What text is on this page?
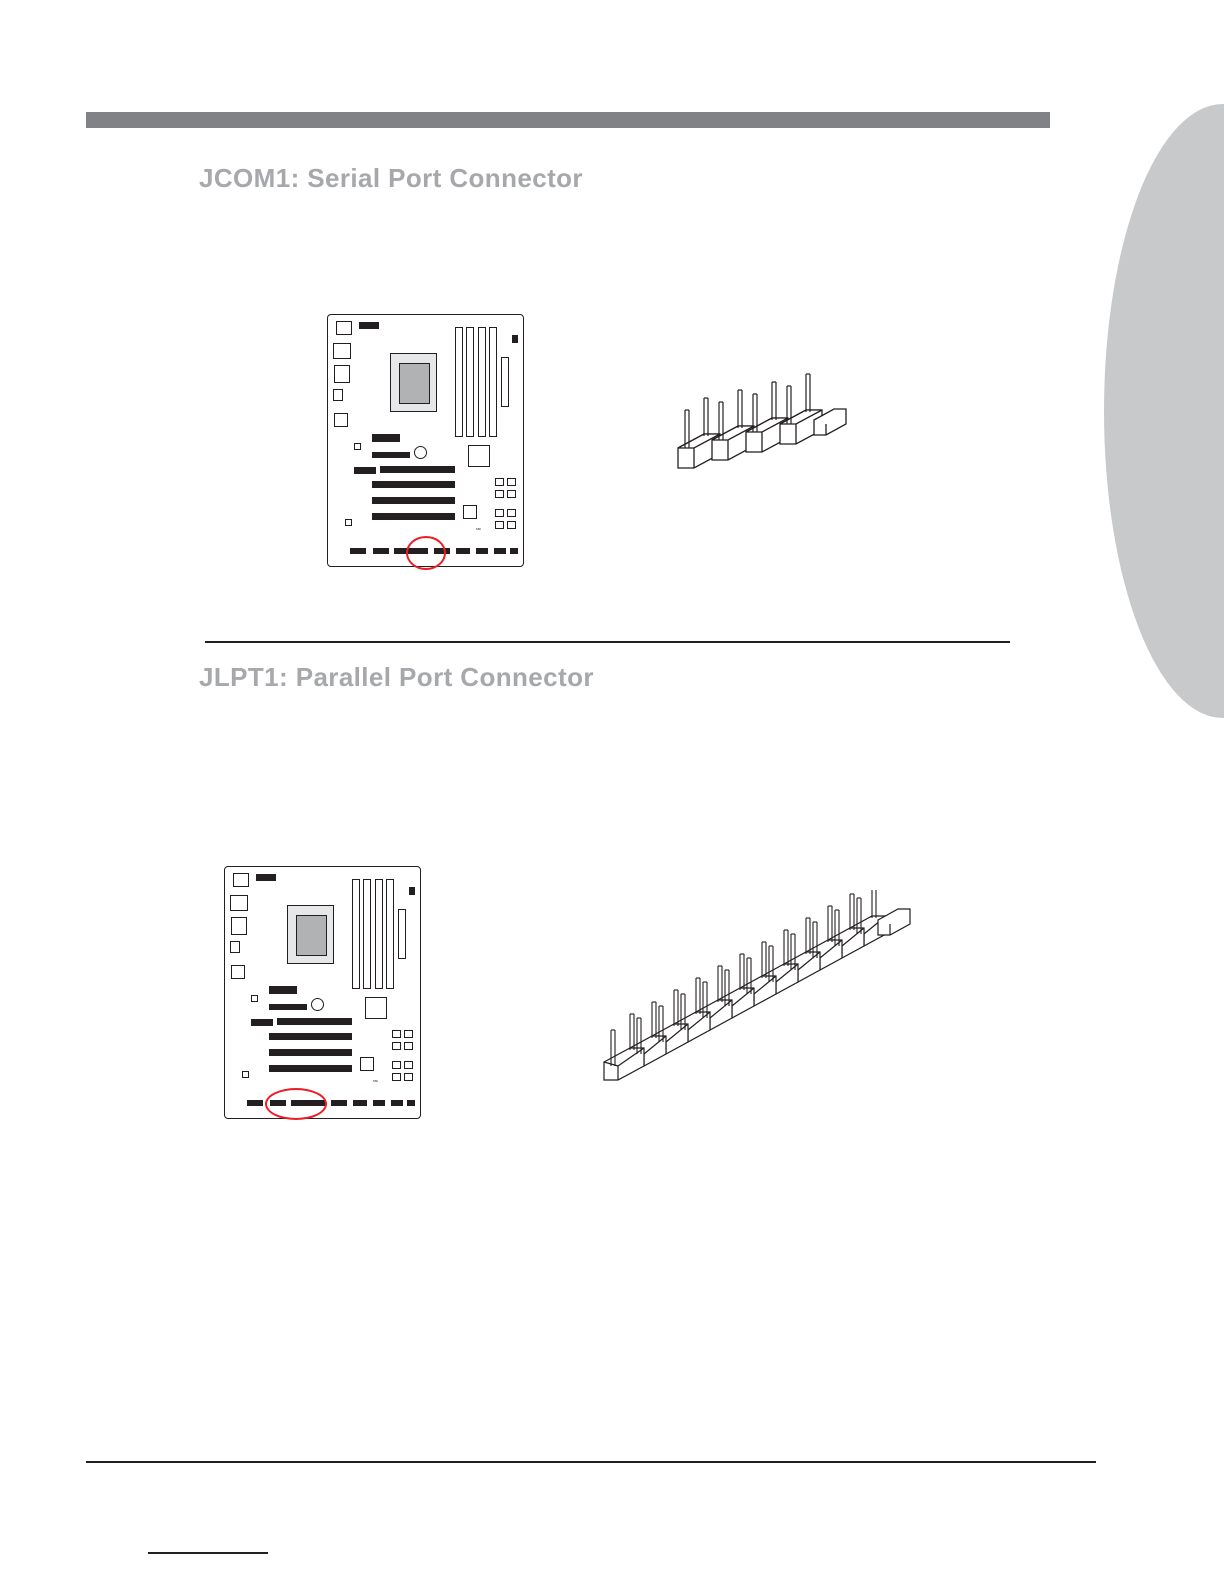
JCOM1: Serial Port Connector
MSI
JLPT1: Parallel Port Connector
MSI
